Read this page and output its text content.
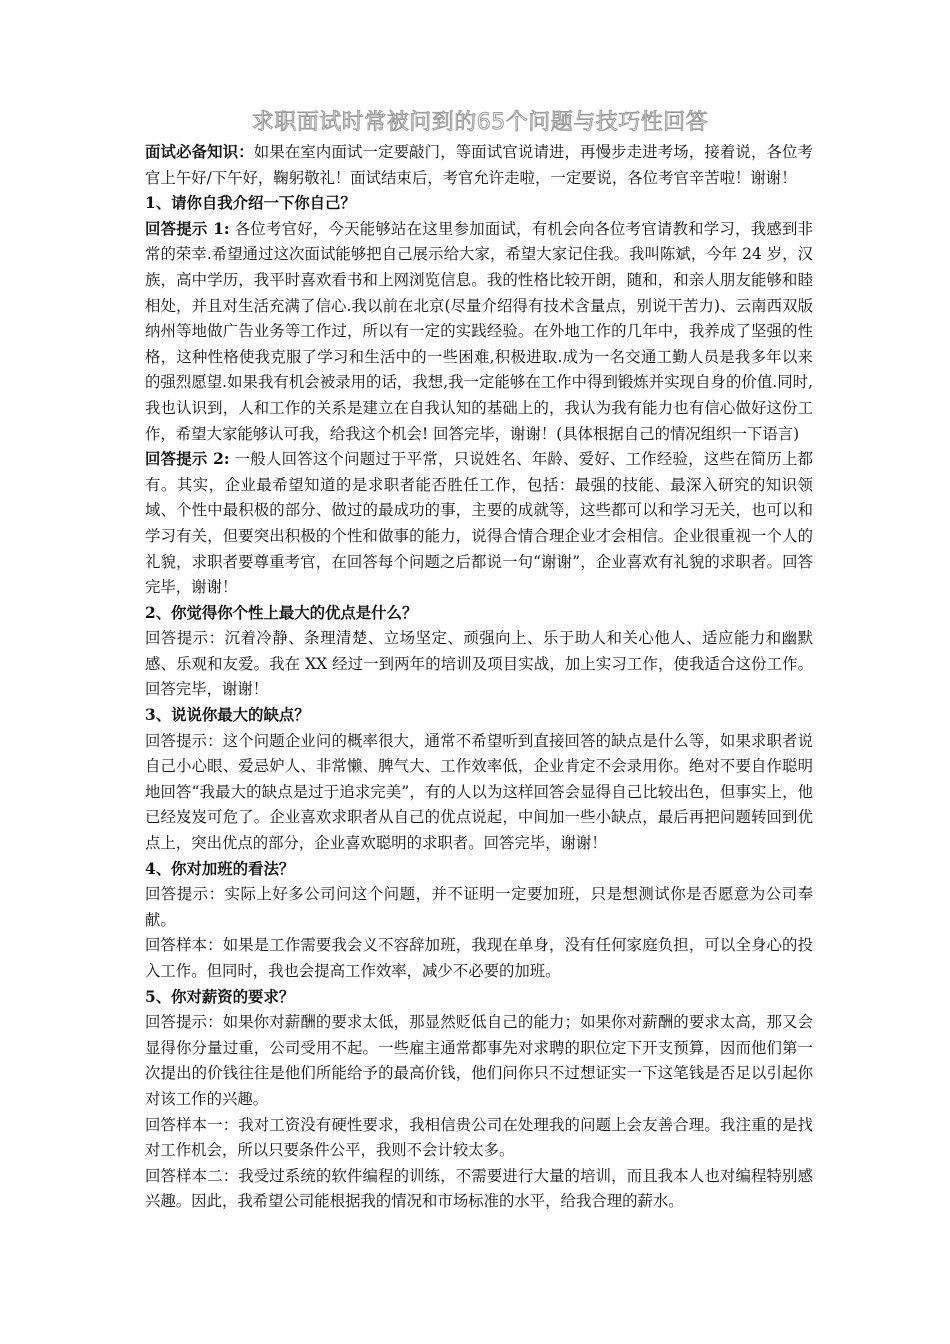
求职面试时常被问到的65个问题与技巧性回答

面试必备知识：如果在室内面试一定要敲门，等面试官说请进，再慢步走进考场，接着说，各位考官上午好/下午好，鞠躬敬礼！面试结束后，考官允许走啦，一定要说，各位考官辛苦啦！谢谢！

1、请你自我介绍一下你自己？

回答提示 1: 各位考官好，今天能够站在这里参加面试，有机会向各位考官请教和学习，我感到非常的荣幸.希望通过这次面试能够把自己展示给大家，希望大家记住我。我叫陈斌，今年 24 岁，汉族，高中学历，我平时喜欢看书和上网浏览信息。我的性格比较开朗，随和，和亲人朋友能够和睦相处，并且对生活充满了信心.我以前在北京(尽量介绍得有技术含量点，别说干苦力)、云南西双版纳州等地做广告业务等工作过，所以有一定的实践经验。在外地工作的几年中，我养成了坚强的性格，这种性格使我克服了学习和生活中的一些困难,积极进取.成为一名交通工勤人员是我多年以来的强烈愿望.如果我有机会被录用的话，我想,我一定能够在工作中得到锻炼并实现自身的价值.同时,我也认识到，人和工作的关系是建立在自我认知的基础上的，我认为我有能力也有信心做好这份工作，希望大家能够认可我，给我这个机会! 回答完毕，谢谢！(具体根据自己的情况组织一下语言)

回答提示 2: 一般人回答这个问题过于平常，只说姓名、年龄、爱好、工作经验，这些在简历上都有。其实，企业最希望知道的是求职者能否胜任工作，包括：最强的技能、最深入研究的知识领域、个性中最积极的部分、做过的最成功的事，主要的成就等，这些都可以和学习无关，也可以和学习有关，但要突出积极的个性和做事的能力，说得合情合理企业才会相信。企业很重视一个人的礼貌，求职者要尊重考官，在回答每个问题之后都说一句“谢谢”，企业喜欢有礼貌的求职者。回答完毕，谢谢！

2、你觉得你个性上最大的优点是什么？

回答提示：沉着冷静、条理清楚、立场坚定、顽强向上、乐于助人和关心他人、适应能力和幽默感、乐观和友爱。我在 XX 经过一到两年的培训及项目实战，加上实习工作，使我适合这份工作。回答完毕，谢谢！

3、说说你最大的缺点？

回答提示：这个问题企业问的概率很大，通常不希望听到直接回答的缺点是什么等，如果求职者说自己小心眼、爱忌妒人、非常懒、脾气大、工作效率低，企业肯定不会录用你。绝对不要自作聪明地回答“我最大的缺点是过于追求完美”，有的人以为这样回答会显得自己比较出色，但事实上，他已经岌岌可危了。企业喜欢求职者从自己的优点说起，中间加一些小缺点，最后再把问题转回到优点上，突出优点的部分，企业喜欢聪明的求职者。回答完毕，谢谢！

4、你对加班的看法？

回答提示：实际上好多公司问这个问题，并不证明一定要加班，只是想测试你是否愿意为公司奉献。

回答样本：如果是工作需要我会义不容辞加班，我现在单身，没有任何家庭负担，可以全身心的投入工作。但同时，我也会提高工作效率，减少不必要的加班。

5、你对薪资的要求？

回答提示：如果你对薪酬的要求太低，那显然贬低自己的能力；如果你对薪酬的要求太高，那又会显得你分量过重，公司受用不起。一些雇主通常都事先对求聘的职位定下开支预算，因而他们第一次提出的价钱往往是他们所能给予的最高价钱，他们问你只不过想证实一下这笔钱是否足以引起你对该工作的兴趣。

回答样本一：我对工资没有硬性要求，我相信贵公司在处理我的问题上会友善合理。我注重的是找对工作机会，所以只要条件公平，我则不会计较太多。

回答样本二：我受过系统的软件编程的训练，不需要进行大量的培训，而且我本人也对编程特别感兴趣。因此，我希望公司能根据我的情况和市场标准的水平，给我合理的薪水。
